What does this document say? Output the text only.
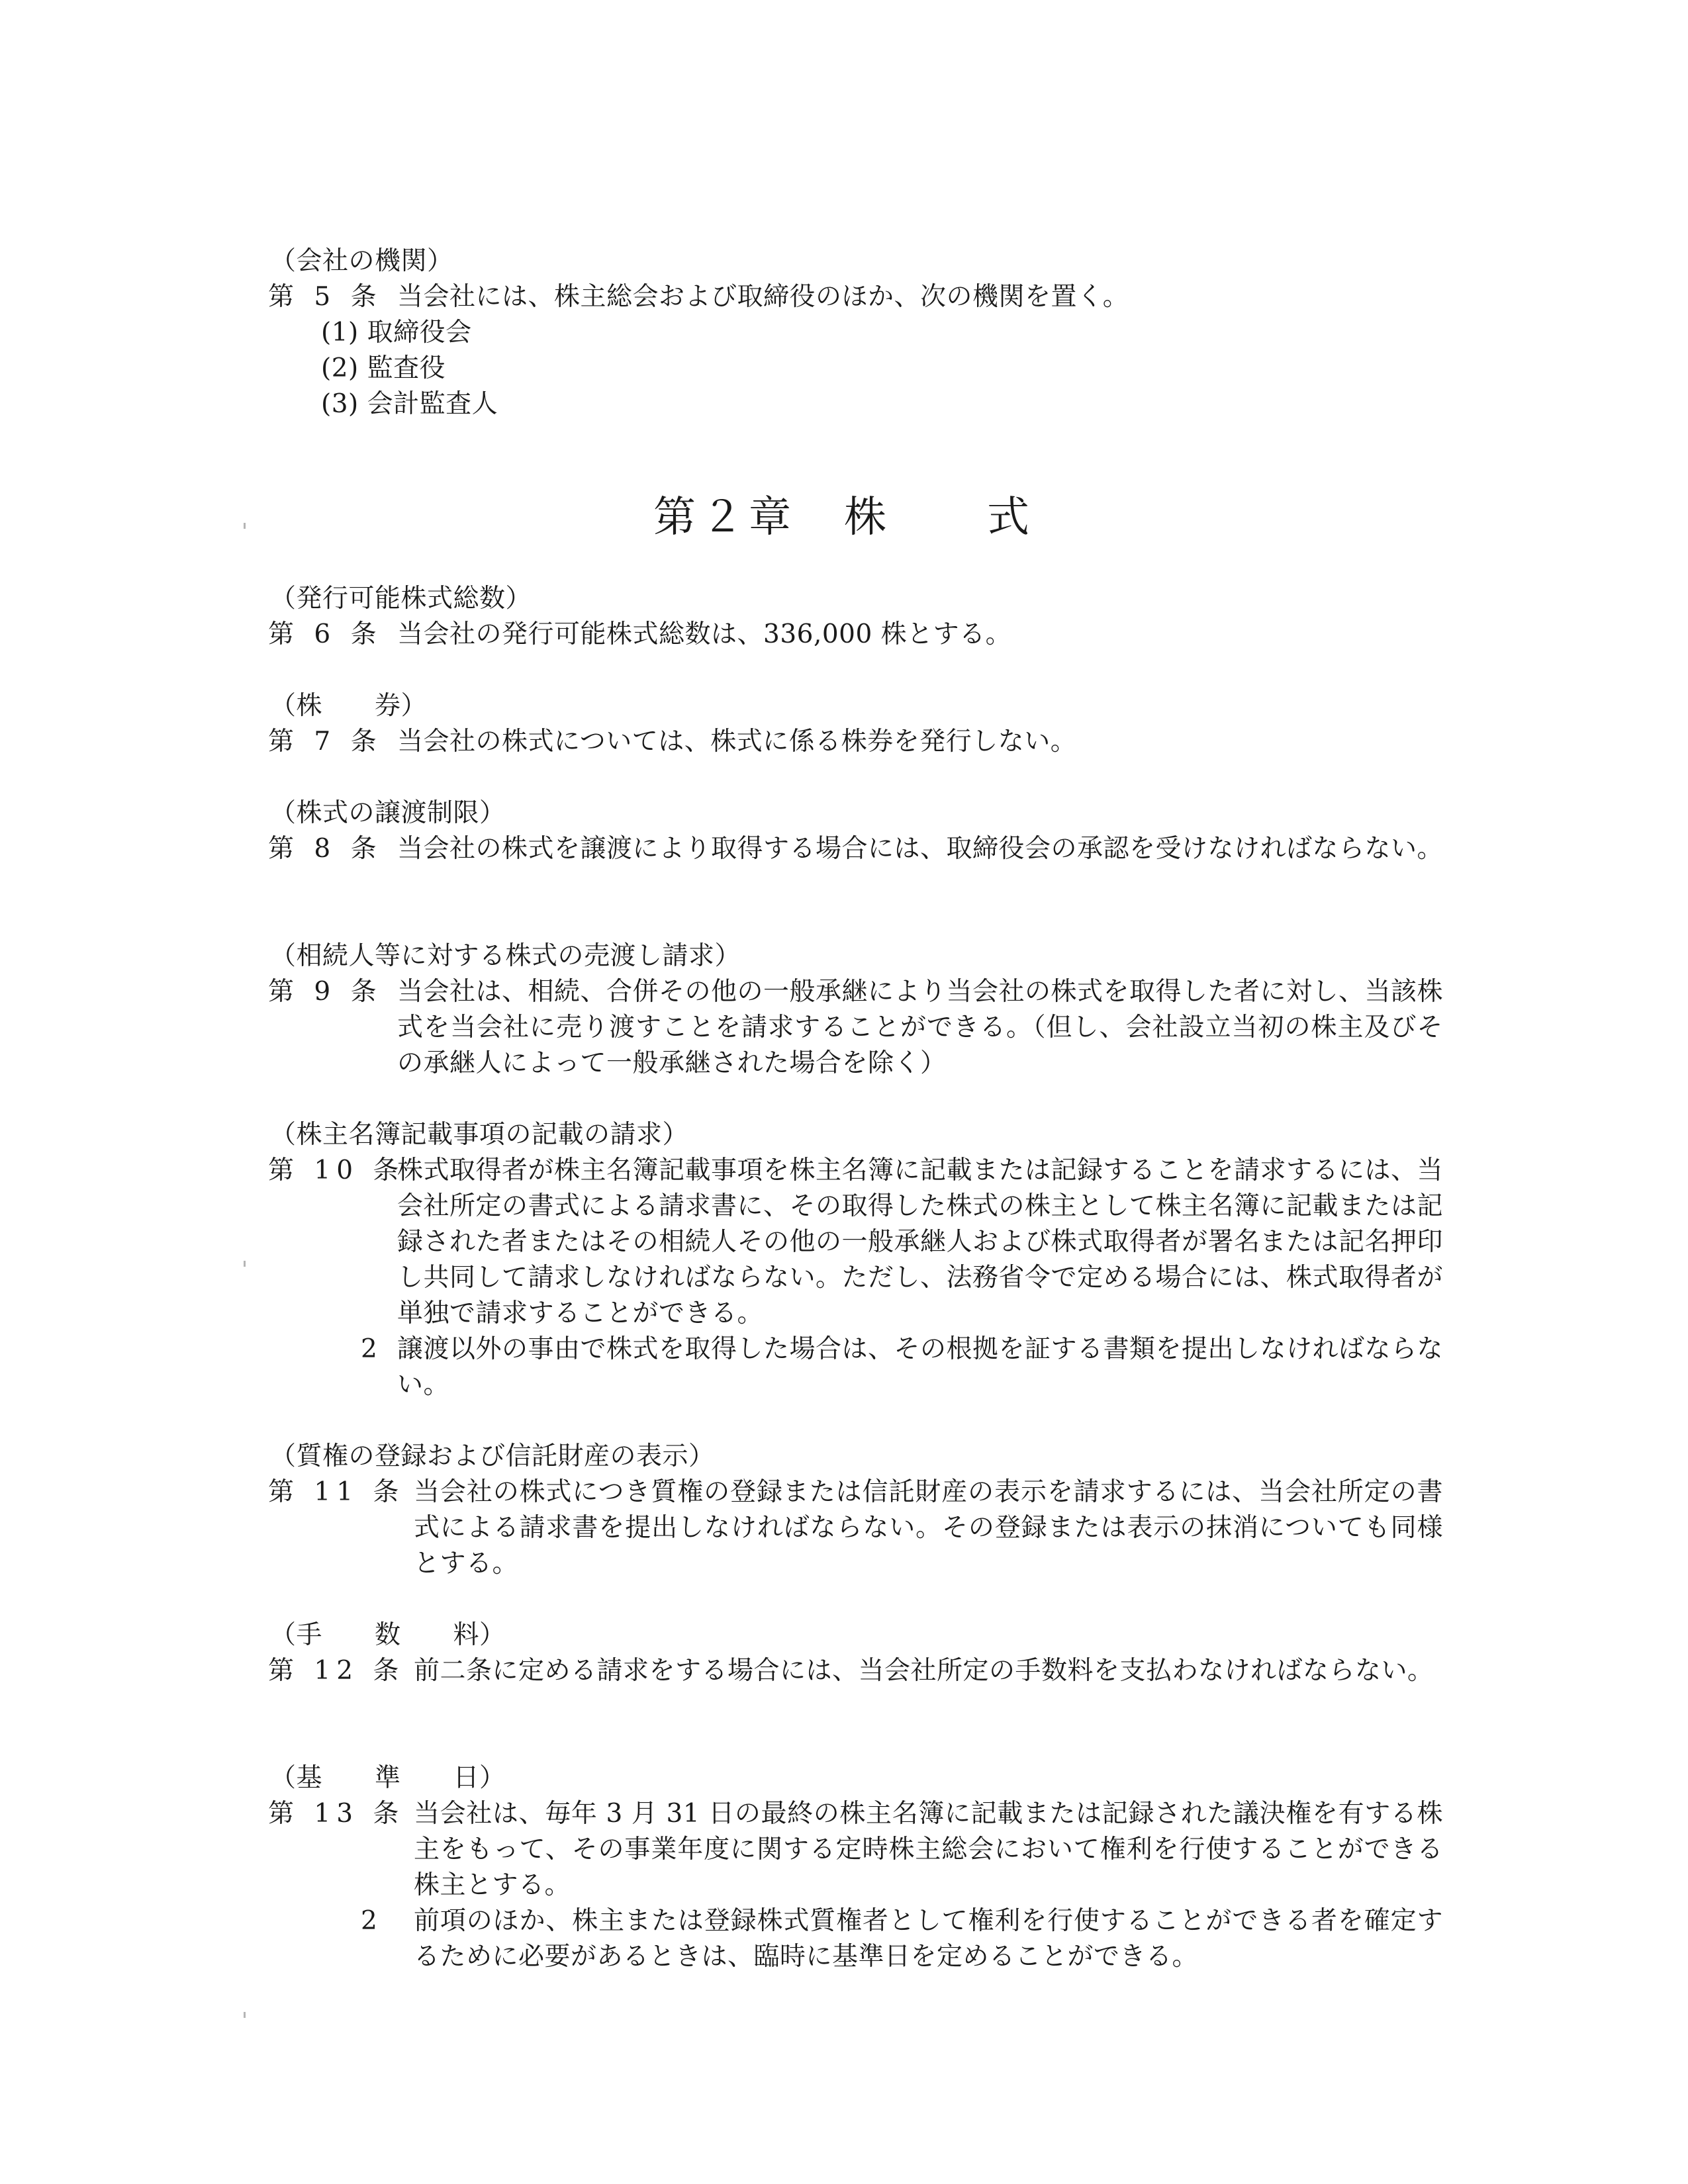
（会社の機関）
第 5 条 当会社には、株主総会および取締役のほか、次の機関を置く。
(1) 取締役会
(2) 監査役
(3) 会計監査人
第２章　株　　式
（発行可能株式総数）
第 6 条 当会社の発行可能株式総数は、336,000 株とする。
（株　　券）
第 7 条 当会社の株式については、株式に係る株券を発行しない。
（株式の譲渡制限）
第 8 条 当会社の株式を譲渡により取得する場合には、取締役会の承認を受けなければならない。
（相続人等に対する株式の売渡し請求）
第 9 条 当会社は、相続、合併その他の一般承継により当会社の株式を取得した者に対し、当該株式を当会社に売り渡すことを請求することができる。（但し、会社設立当初の株主及びその承継人によって一般承継された場合を除く）
（株主名簿記載事項の記載の請求）
第 10 条
株式取得者が株主名簿記載事項を株主名簿に記載または記録することを請求するには、当会社所定の書式による請求書に、その取得した株式の株主として株主名簿に記載または記録された者またはその相続人その他の一般承継人および株式取得者が署名または記名押印し共同して請求しなければならない。ただし、法務省令で定める場合には、株式取得者が単独で請求することができる。
2 譲渡以外の事由で株式を取得した場合は、その根拠を証する書類を提出しなければならない。
（質権の登録および信託財産の表示）
第 11 条 当会社の株式につき質権の登録または信託財産の表示を請求するには、当会社所定の書式による請求書を提出しなければならない。その登録または表示の抹消についても同様とする。
（手　　数　　料）
第 12 条 前二条に定める請求をする場合には、当会社所定の手数料を支払わなければならない。
（基　　準　　日）
第 13 条 当会社は、毎年 3 月 31 日の最終の株主名簿に記載または記録された議決権を有する株主をもって、その事業年度に関する定時株主総会において権利を行使することができる株主とする。
2 前項のほか、株主または登録株式質権者として権利を行使することができる者を確定するために必要があるときは、臨時に基準日を定めることができる。
